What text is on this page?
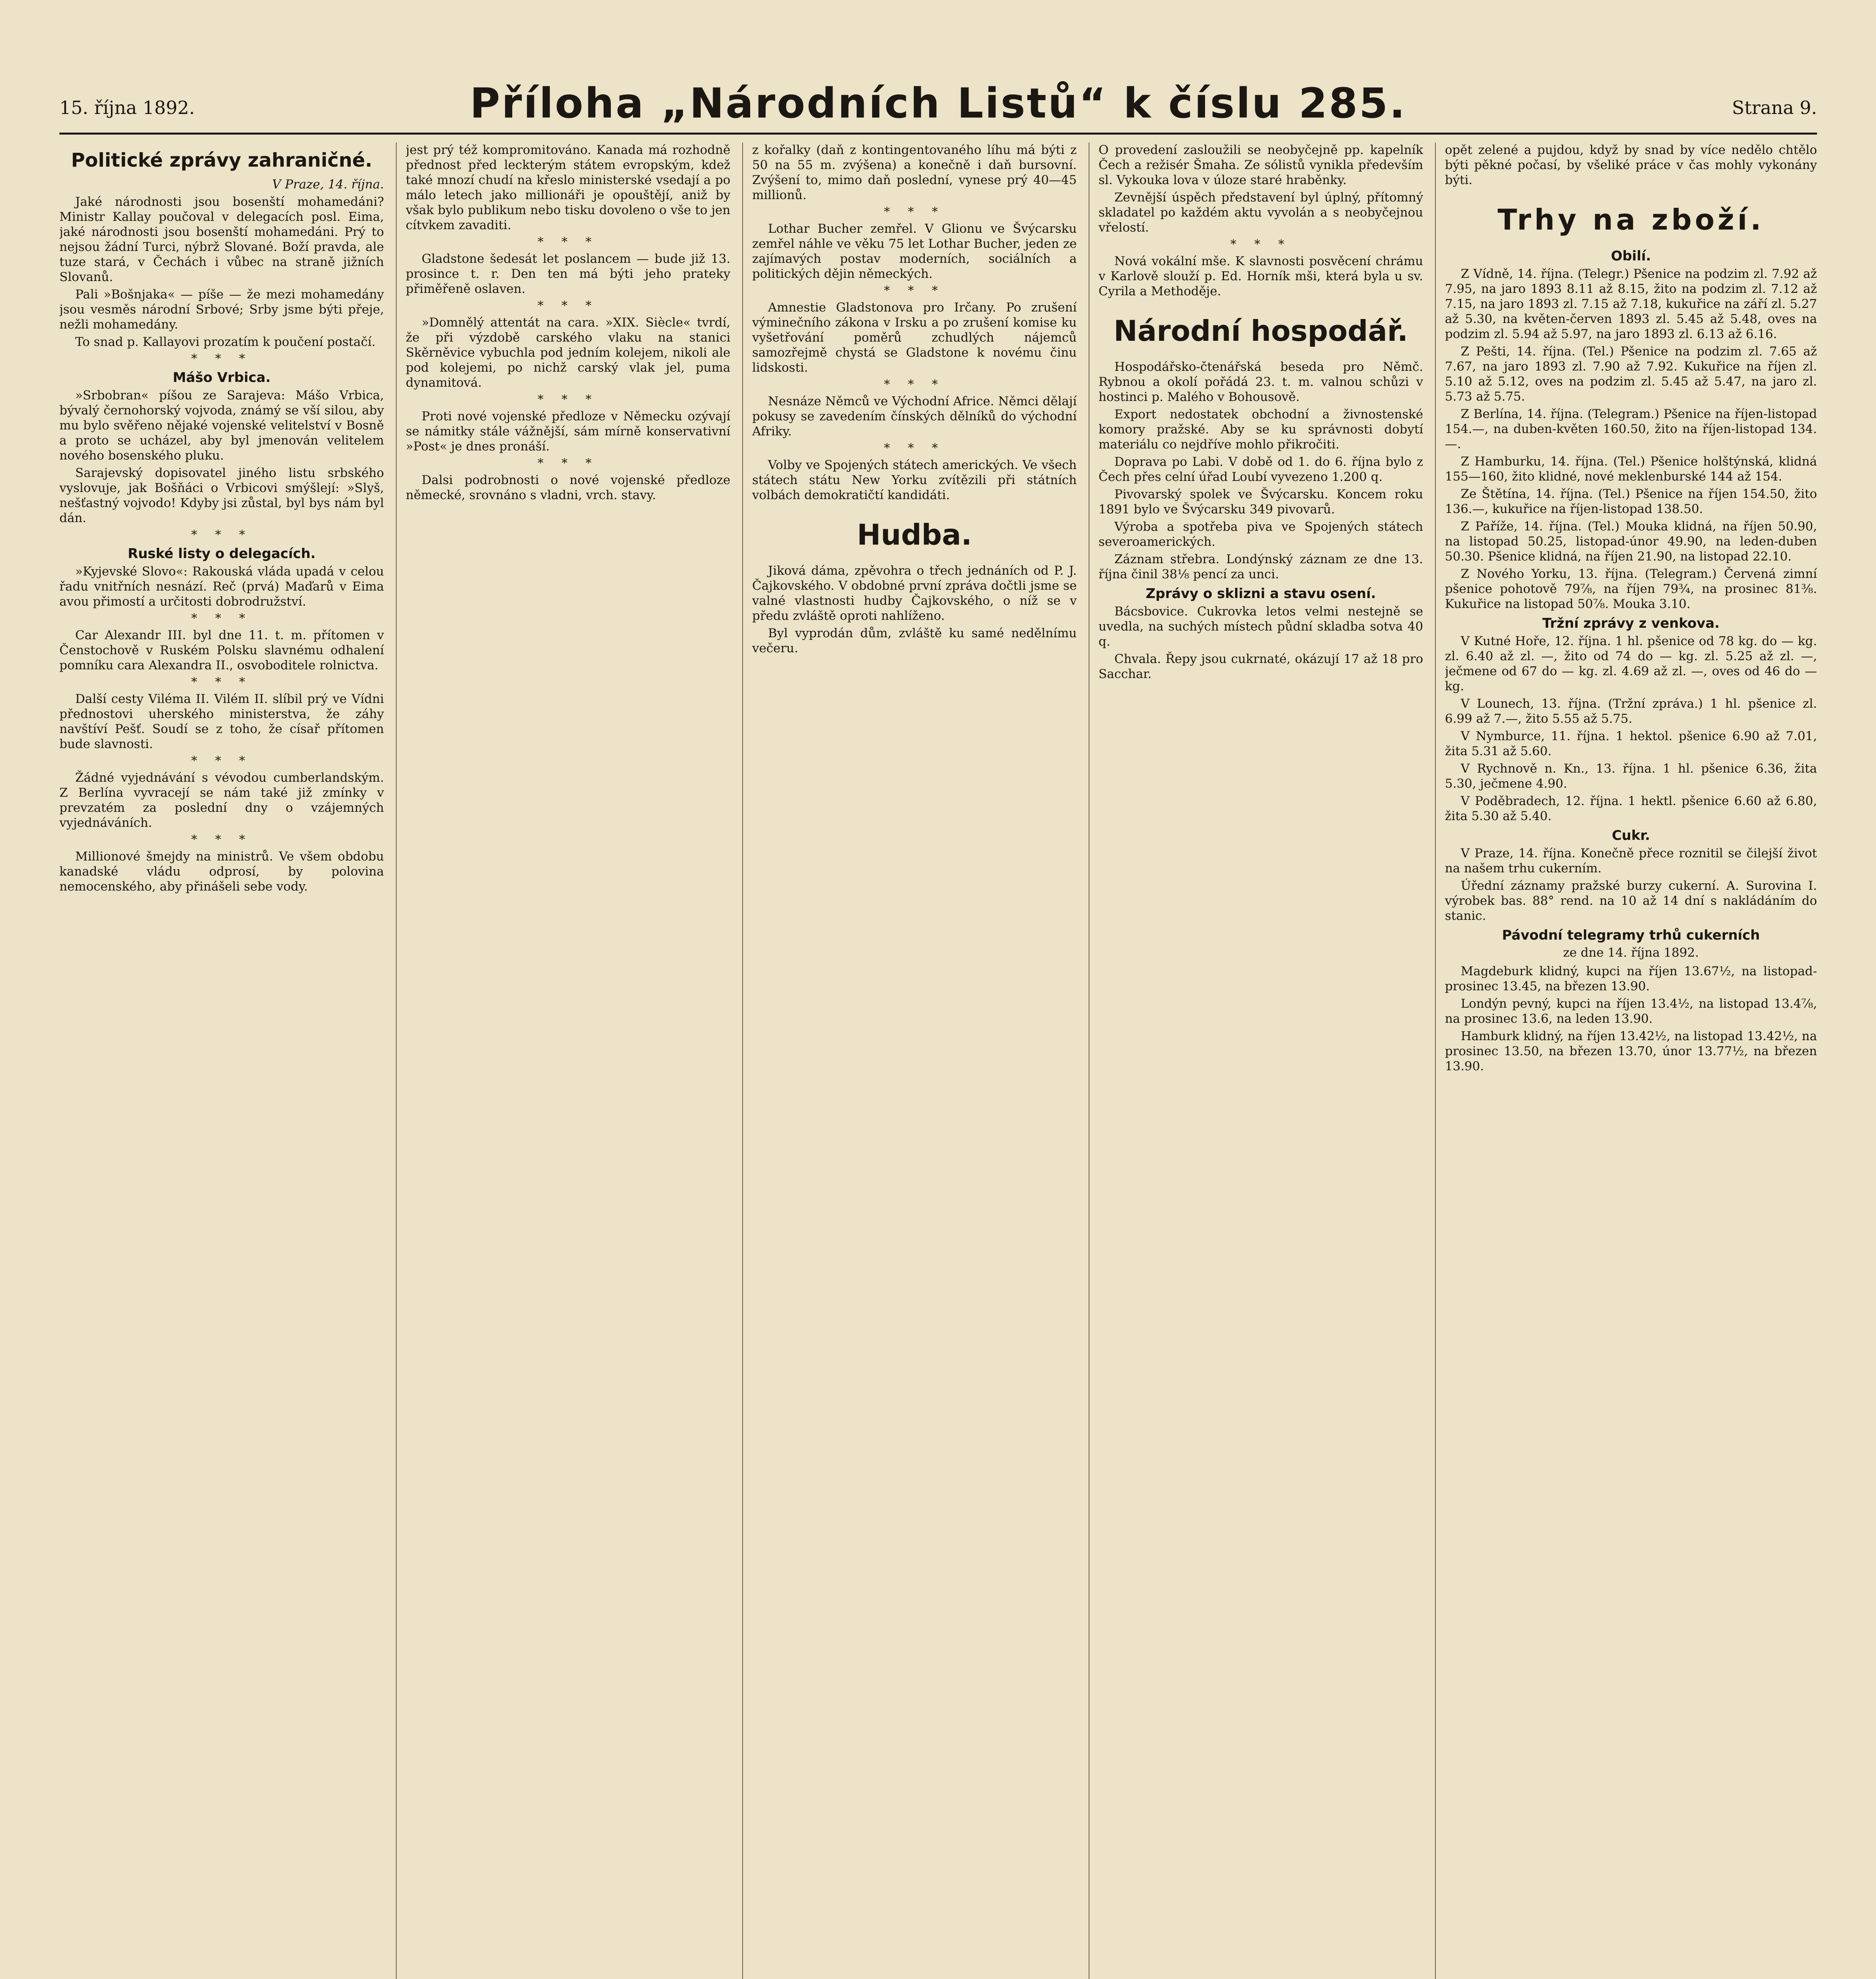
15. října 1892.	Příloha „Národních Listů“ k číslu 285.	Strana 9.
Politické zprávy zahraničné.

V Praze, 14. října.

Jaké národnosti jsou bosenští mohamedáni? Ministr Kallay poučoval v delegacích posl. Eima, jaké národnosti jsou bosenští mohamedáni. Prý to nejsou žádní Turci, nýbrž Slované. Boží pravda, ale tuze stará, v Čechách i vůbec na straně jižních Slovanů.

Pali »Bošnjaka« — píše — že mezi mohamedány jsou vesměs národní Srbové; Srby jsme býti přeje, nežli mohamedány.

To snad p. Kallayovi prozatím k poučení postačí.

* * *
Mášo Vrbica.

»Srbobran« píšou ze Sarajeva: Mášo Vrbica, bývalý černohorský vojvoda, známý se vší silou, aby mu bylo svěřeno nějaké vojenské velitelství v Bosně a proto se ucházel, aby byl jmenován velitelem nového bosenského pluku.

Sarajevský dopisovatel jiného listu srbského vyslovuje, jak Bošňáci o Vrbicovi smýšlejí: »Slyš, nešťastný vojvodo! Kdyby jsi zůstal, byl bys nám byl dán.

* * *
Ruské listy o delegacích.

»Kyjevské Slovo«: Rakouská vláda upadá v celou řadu vnitřních nesnází. Reč (prvá) Maďarů v Eima avou přimostí a určitosti dobrodružství.

* * *

Car Alexandr III. byl dne 11. t. m. přítomen v Čenstochově v Ruském Polsku slavnému odhalení pomníku cara Alexandra II., osvoboditele rolnictva.

* * *

Další cesty Viléma II. Vilém II. slíbil prý ve Vídni přednostovi uherského ministerstva, že záhy navštíví Pešť. Soudí se z toho, že císař přítomen bude slavnosti.

* * *

Žádné vyjednávání s vévodou cumberlandským. Z Berlína vyvracejí se nám také již zmínky v prevzatém za poslední dny o vzájemných vyjednáváních.

* * *

Millionové šmejdy na ministrů. Ve všem obdobu kanadské vládu odprosí, by polovina nemocenského, aby přinášeli sebe vody.

jest prý též kompromitováno. Kanada má rozhodně přednost před leckterým státem evropským, kdež také mnozí chudí na křeslo ministerské vsedají a po málo letech jako millionáři je opouštějí, aniž by však bylo publikum nebo tisku dovoleno o vše to jen cítvkem zavaditi.

* * *

Gladstone šedesát let poslancem — bude již 13. prosince t. r. Den ten má býti jeho prateky přiměřeně oslaven.

* * *

»Domnělý attentát na cara. »XIX. Siècle« tvrdí, že při výzdobě carského vlaku na stanici Skěrněvice vybuchla pod jedním kolejem, nikoli ale pod kolejemi, po nichž carský vlak jel, puma dynamitová.

* * *

Proti nové vojenské předloze v Německu ozývají se námitky stále vážnější, sám mírně konservativní »Post« je dnes pronáší.

* * *

Dalsi podrobnosti o nové vojenské předloze německé, srovnáno s vladni, vrch. stavy.

z kořalky (daň z kontingentovaného líhu má býti z 50 na 55 m. zvýšena) a konečně i daň bursovní. Zvýšení to, mimo daň poslední, vynese prý 40—45 millionů.

* * *

Lothar Bucher zemřel. V Glionu ve Švýcarsku zemřel náhle ve věku 75 let Lothar Bucher, jeden ze zajímavých postav moderních, sociálních a politických dějin německých.

* * *

Amnestie Gladstonova pro Irčany. Po zrušení výminečního zákona v Irsku a po zrušení komise ku vyšetřování poměrů zchudlých nájemců samozřejmě chystá se Gladstone k novému činu lidskosti.

* * *

Nesnáze Němců ve Východní Africe. Němci dělají pokusy se zavedením čínských dělníků do východní Afriky.

* * *

Volby ve Spojených státech amerických. Ve všech státech státu New Yorku zvítězili při státních volbách demokratičtí kandidáti.

Hudba.

Jiková dáma, zpěvohra o třech jednáních od P. J. Čajkovského. V obdobné první zpráva dočtli jsme se valné vlastnosti hudby Čajkovského, o níž se v předu zvláště oproti nahlíženo.

Byl vyprodán dům, zvláště ku samé nedělnímu večeru.

O provedení zasloužili se neobyčejně pp. kapelník Čech a režisér Šmaha. Ze sólistů vynikla především sl. Vykouka lova v úloze staré hraběnky.

Zevnější úspěch představení byl úplný, přítomný skladatel po každém aktu vyvolán a s neobyčejnou vřelostí.

* * *

Nová vokální mše. K slavnosti posvěcení chrámu v Karlově slouží p. Ed. Horník mši, která byla u sv. Cyrila a Methoděje.

Národní hospodář.

Hospodářsko-čtenářská beseda pro Němč. Rybnou a okolí pořádá 23. t. m. valnou schůzi v hostinci p. Malého v Bohousově.

Export nedostatek obchodní a živnostenské komory pražské. Aby se ku správnosti dobytí materiálu co nejdříve mohlo přikročiti.

Doprava po Labi. V době od 1. do 6. října bylo z Čech přes celní úřad Loubí vyvezeno 1.200 q.

Pivovarský spolek ve Švýcarsku. Koncem roku 1891 bylo ve Švýcarsku 349 pivovarů.

Výroba a spotřeba piva ve Spojených státech severoamerických.

Záznam střebra. Londýnský záznam ze dne 13. října činil 38⅛ pencí za unci.

Zprávy o sklizni a stavu osení.

Bácsbovice. Cukrovka letos velmi nestejně se uvedla, na suchých místech půdní skladba sotva 40 q.

Chvala. Řepy jsou cukrnaté, okázují 17 až 18 pro Sacchar.

opět zelené a pujdou, když by snad by více nedělo chtělo býti pěkné počasí, by všeliké práce v čas mohly vykonány býti.

Trhy na zboží.
Obilí.

Z Vídně, 14. října. (Telegr.) Pšenice na podzim zl. 7.92 až 7.95, na jaro 1893 8.11 až 8.15, žito na podzim zl. 7.12 až 7.15, na jaro 1893 zl. 7.15 až 7.18, kukuřice na září zl. 5.27 až 5.30, na květen-červen 1893 zl. 5.45 až 5.48, oves na podzim zl. 5.94 až 5.97, na jaro 1893 zl. 6.13 až 6.16.

Z Pešti, 14. října. (Tel.) Pšenice na podzim zl. 7.65 až 7.67, na jaro 1893 zl. 7.90 až 7.92. Kukuřice na říjen zl. 5.10 až 5.12, oves na podzim zl. 5.45 až 5.47, na jaro zl. 5.73 až 5.75.

Z Berlína, 14. října. (Telegram.) Pšenice na říjen-listopad 154.—, na duben-květen 160.50, žito na říjen-listopad 134.—.

Z Hamburku, 14. října. (Tel.) Pšenice holštýnská, klidná 155—160, žito klidné, nové meklenburské 144 až 154.

Ze Štětína, 14. října. (Tel.) Pšenice na říjen 154.50, žito 136.—, kukuřice na říjen-listopad 138.50.

Z Paříže, 14. října. (Tel.) Mouka klidná, na říjen 50.90, na listopad 50.25, listopad-únor 49.90, na leden-duben 50.30. Pšenice klidná, na říjen 21.90, na listopad 22.10.

Z Nového Yorku, 13. října. (Telegram.) Červená zimní pšenice pohotově 79⅞, na říjen 79¾, na prosinec 81⅜. Kukuřice na listopad 50⅞. Mouka 3.10.

Tržní zprávy z venkova.

V Kutné Hoře, 12. října. 1 hl. pšenice od 78 kg. do — kg. zl. 6.40 až zl. —, žito od 74 do — kg. zl. 5.25 až zl. —, ječmene od 67 do — kg. zl. 4.69 až zl. —, oves od 46 do — kg.

V Lounech, 13. října. (Tržní zpráva.) 1 hl. pšenice zl. 6.99 až 7.—, žito 5.55 až 5.75.

V Nymburce, 11. října. 1 hektol. pšenice 6.90 až 7.01, žita 5.31 až 5.60.

V Rychnově n. Kn., 13. října. 1 hl. pšenice 6.36, žita 5.30, ječmene 4.90.

V Poděbradech, 12. října. 1 hektl. pšenice 6.60 až 6.80, žita 5.30 až 5.40.

Cukr.

V Praze, 14. října. Konečně přece roznitil se čilejší život na našem trhu cukerním.

Úřední záznamy pražské burzy cukerní. A. Surovina I. výrobek bas. 88° rend. na 10 až 14 dní s nakládáním do stanic.

Pávodní telegramy trhů cukerních
ze dne 14. října 1892.

Magdeburk klidný, kupci na říjen 13.67½, na listopad-prosinec 13.45, na březen 13.90.

Londýn pevný, kupci na říjen 13.4½, na listopad 13.4⅞, na prosinec 13.6, na leden 13.90.

Hamburk klidný, na říjen 13.42½, na listopad 13.42½, na prosinec 13.50, na březen 13.70, únor 13.77½, na březen 13.90.
